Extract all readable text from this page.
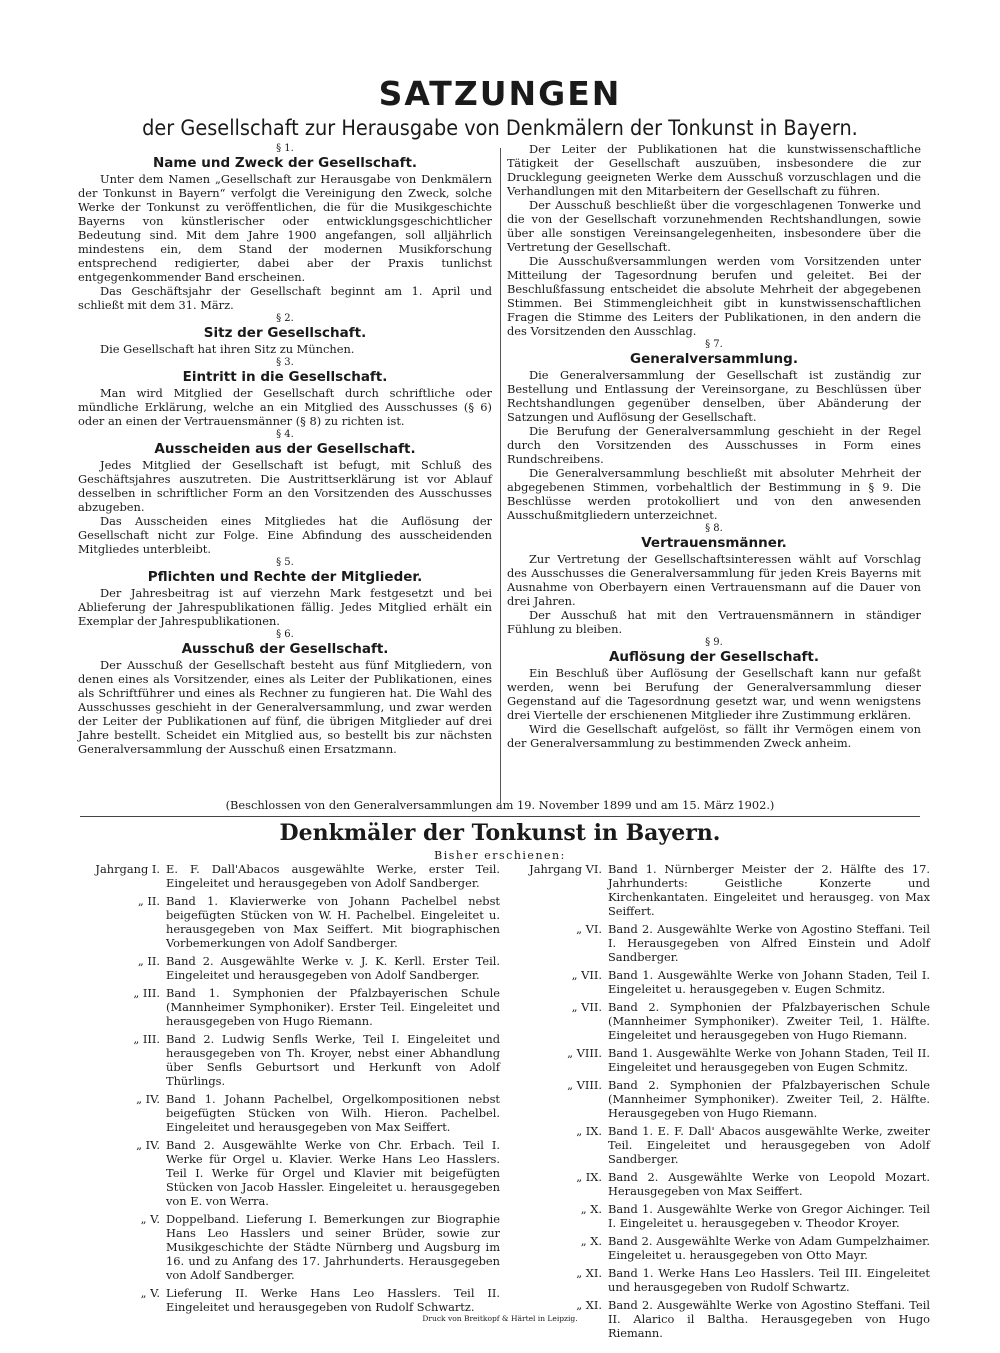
SATZUNGEN
der Gesellschaft zur Herausgabe von Denkmälern der Tonkunst in Bayern.
§ 1.
Name und Zweck der Gesellschaft.
Unter dem Namen „Gesellschaft zur Herausgabe von Denkmälern der Tonkunst in Bayern“ verfolgt die Vereinigung den Zweck, solche Werke der Tonkunst zu veröffentlichen, die für die Musikgeschichte Bayerns von künstlerischer oder entwicklungsgeschichtlicher Bedeutung sind. Mit dem Jahre 1900 angefangen, soll alljährlich mindestens ein, dem Stand der modernen Musikforschung entsprechend redigierter, dabei aber der Praxis tunlichst entgegenkommender Band erscheinen.
Das Geschäftsjahr der Gesellschaft beginnt am 1. April und schließt mit dem 31. März.
§ 2.
Sitz der Gesellschaft.
Die Gesellschaft hat ihren Sitz zu München.
§ 3.
Eintritt in die Gesellschaft.
Man wird Mitglied der Gesellschaft durch schriftliche oder mündliche Erklärung, welche an ein Mitglied des Ausschusses (§ 6) oder an einen der Vertrauensmänner (§ 8) zu richten ist.
§ 4.
Ausscheiden aus der Gesellschaft.
Jedes Mitglied der Gesellschaft ist befugt, mit Schluß des Geschäftsjahres auszutreten. Die Austrittserklärung ist vor Ablauf desselben in schriftlicher Form an den Vorsitzenden des Ausschusses abzugeben.
Das Ausscheiden eines Mitgliedes hat die Auflösung der Gesellschaft nicht zur Folge. Eine Abfindung des ausscheidenden Mitgliedes unterbleibt.
§ 5.
Pflichten und Rechte der Mitglieder.
Der Jahresbeitrag ist auf vierzehn Mark festgesetzt und bei Ablieferung der Jahrespublikationen fällig. Jedes Mitglied erhält ein Exemplar der Jahrespublikationen.
§ 6.
Ausschuß der Gesellschaft.
Der Ausschuß der Gesellschaft besteht aus fünf Mitgliedern, von denen eines als Vorsitzender, eines als Leiter der Publikationen, eines als Schriftführer und eines als Rechner zu fungieren hat. Die Wahl des Ausschusses geschieht in der Generalversammlung, und zwar werden der Leiter der Publikationen auf fünf, die übrigen Mitglieder auf drei Jahre bestellt. Scheidet ein Mitglied aus, so bestellt bis zur nächsten Generalversammlung der Ausschuß einen Ersatzmann.
Der Leiter der Publikationen hat die kunstwissenschaftliche Tätigkeit der Gesellschaft auszuüben, insbesondere die zur Drucklegung geeigneten Werke dem Ausschuß vorzuschlagen und die Verhandlungen mit den Mitarbeitern der Gesellschaft zu führen.
Der Ausschuß beschließt über die vorgeschlagenen Tonwerke und die von der Gesellschaft vorzunehmenden Rechtshandlungen, sowie über alle sonstigen Vereinsangelegenheiten, insbesondere über die Vertretung der Gesellschaft.
Die Ausschußversammlungen werden vom Vorsitzenden unter Mitteilung der Tagesordnung berufen und geleitet. Bei der Beschlußfassung entscheidet die absolute Mehrheit der abgegebenen Stimmen. Bei Stimmengleichheit gibt in kunstwissenschaftlichen Fragen die Stimme des Leiters der Publikationen, in den andern die des Vorsitzenden den Ausschlag.
§ 7.
Generalversammlung.
Die Generalversammlung der Gesellschaft ist zuständig zur Bestellung und Entlassung der Vereinsorgane, zu Beschlüssen über Rechtshandlungen gegenüber denselben, über Abänderung der Satzungen und Auflösung der Gesellschaft.
Die Berufung der Generalversammlung geschieht in der Regel durch den Vorsitzenden des Ausschusses in Form eines Rundschreibens.
Die Generalversammlung beschließt mit absoluter Mehrheit der abgegebenen Stimmen, vorbehaltlich der Bestimmung in § 9. Die Beschlüsse werden protokolliert und von den anwesenden Ausschußmitgliedern unterzeichnet.
§ 8.
Vertrauensmänner.
Zur Vertretung der Gesellschaftsinteressen wählt auf Vorschlag des Ausschusses die Generalversammlung für jeden Kreis Bayerns mit Ausnahme von Oberbayern einen Vertrauensmann auf die Dauer von drei Jahren.
Der Ausschuß hat mit den Vertrauensmännern in ständiger Fühlung zu bleiben.
§ 9.
Auflösung der Gesellschaft.
Ein Beschluß über Auflösung der Gesellschaft kann nur gefaßt werden, wenn bei Berufung der Generalversammlung dieser Gegenstand auf die Tagesordnung gesetzt war, und wenn wenigstens drei Viertelle der erschienenen Mitglieder ihre Zustimmung erklären.
Wird die Gesellschaft aufgelöst, so fällt ihr Vermögen einem von der Generalversammlung zu bestimmenden Zweck anheim.
(Beschlossen von den Generalversammlungen am 19. November 1899 und am 15. März 1902.)
Denkmäler der Tonkunst in Bayern.
Bisher erschienen:
Jahrgang I. E. F. Dall'Abacos ausgewählte Werke, erster Teil. Eingeleitet und herausgegeben von Adolf Sandberger.
„ II. Band 1. Klavierwerke von Johann Pachelbel nebst beigefügten Stücken von W. H. Pachelbel. Eingeleitet u. herausgegeben von Max Seiffert. Mit biographischen Vorbemerkungen von Adolf Sandberger.
„ II. Band 2. Ausgewählte Werke v. J. K. Kerll. Erster Teil. Eingeleitet und herausgegeben von Adolf Sandberger.
„ III. Band 1. Symphonien der Pfalzbayerischen Schule (Mannheimer Symphoniker). Erster Teil. Eingeleitet und herausgegeben von Hugo Riemann.
„ III. Band 2. Ludwig Senfls Werke, Teil I. Eingeleitet und herausgegeben von Th. Kroyer, nebst einer Abhandlung über Senfls Geburtsort und Herkunft von Adolf Thürlings.
„ IV. Band 1. Johann Pachelbel, Orgelkompositionen nebst beigefügten Stücken von Wilh. Hieron. Pachelbel. Eingeleitet und herausgegeben von Max Seiffert.
„ IV. Band 2. Ausgewählte Werke von Chr. Erbach. Teil I. Werke für Orgel u. Klavier. Werke Hans Leo Hasslers. Teil I. Werke für Orgel und Klavier mit beigefügten Stücken von Jacob Hassler. Eingeleitet u. herausgegeben von E. von Werra.
„ V. Doppelband. Lieferung I. Bemerkungen zur Biographie Hans Leo Hasslers und seiner Brüder, sowie zur Musikgeschichte der Städte Nürnberg und Augsburg im 16. und zu Anfang des 17. Jahrhunderts. Herausgegeben von Adolf Sandberger.
„ V. Lieferung II. Werke Hans Leo Hasslers. Teil II. Eingeleitet und herausgegeben von Rudolf Schwartz.
Jahrgang VI. Band 1. Nürnberger Meister der 2. Hälfte des 17. Jahrhunderts: Geistliche Konzerte und Kirchenkantaten. Eingeleitet und herausgeg. von Max Seiffert.
„ VI. Band 2. Ausgewählte Werke von Agostino Steffani. Teil I. Herausgegeben von Alfred Einstein und Adolf Sandberger.
„ VII. Band 1. Ausgewählte Werke von Johann Staden, Teil I. Eingeleitet u. herausgegeben v. Eugen Schmitz.
„ VII. Band 2. Symphonien der Pfalzbayerischen Schule (Mannheimer Symphoniker). Zweiter Teil, 1. Hälfte. Eingeleitet und herausgegeben von Hugo Riemann.
„ VIII. Band 1. Ausgewählte Werke von Johann Staden, Teil II. Eingeleitet und herausgegeben von Eugen Schmitz.
„ VIII. Band 2. Symphonien der Pfalzbayerischen Schule (Mannheimer Symphoniker). Zweiter Teil, 2. Hälfte. Herausgegeben von Hugo Riemann.
„ IX. Band 1. E. F. Dall' Abacos ausgewählte Werke, zweiter Teil. Eingeleitet und herausgegeben von Adolf Sandberger.
„ IX. Band 2. Ausgewählte Werke von Leopold Mozart. Herausgegeben von Max Seiffert.
„ X. Band 1. Ausgewählte Werke von Gregor Aichinger. Teil I. Eingeleitet u. herausgegeben v. Theodor Kroyer.
„ X. Band 2. Ausgewählte Werke von Adam Gumpelzhaimer. Eingeleitet u. herausgegeben von Otto Mayr.
„ XI. Band 1. Werke Hans Leo Hasslers. Teil III. Eingeleitet und herausgegeben von Rudolf Schwartz.
„ XI. Band 2. Ausgewählte Werke von Agostino Steffani. Teil II. Alarico il Baltha. Herausgegeben von Hugo Riemann.
Druck von Breitkopf & Härtel in Leipzig.
